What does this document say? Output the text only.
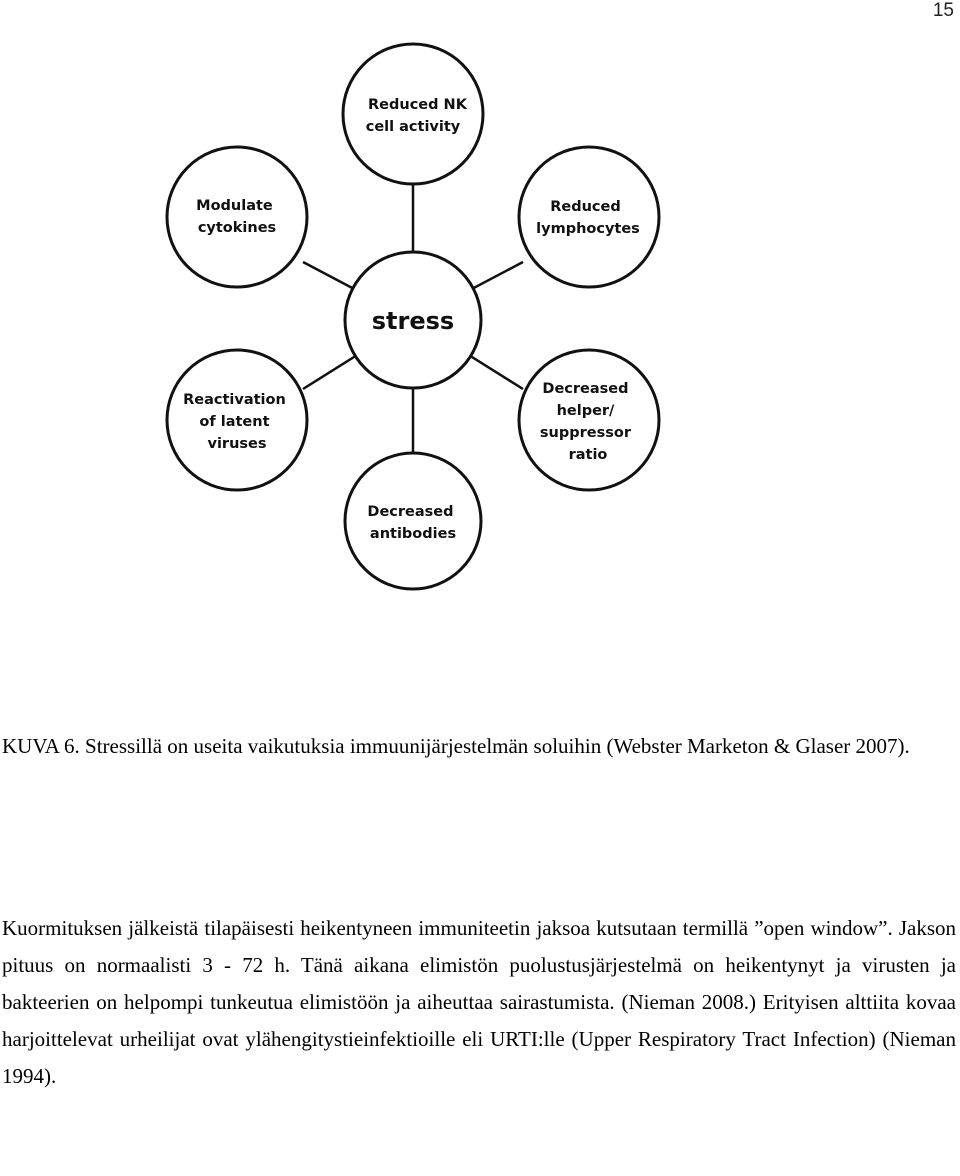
15
stress
Reduced NK cell activity
Reduced lymphocytes
Decreased helper/ suppressor ratio
Decreased antibodies
Reactivation of latent viruses
Modulate cytokines

KUVA 6. Stressillä on useita vaikutuksia immuunijärjestelmän soluihin (Webster Marketon & Glaser 2007).

Kuormituksen jälkeistä tilapäisesti heikentyneen immuniteetin jaksoa kutsutaan termillä ”open window”. Jakson pituus on normaalisti 3 - 72 h. Tänä aikana elimistön puolustusjärjestelmä on heikentynyt ja virusten ja bakteerien on helpompi tunkeutua elimistöön ja aiheuttaa sairastumista. (Nieman 2008.) Erityisen alttiita kovaa harjoittelevat urheilijat ovat ylähengitystieinfektioille eli URTI:lle (Upper Respiratory Tract Infection) (Nieman 1994).
